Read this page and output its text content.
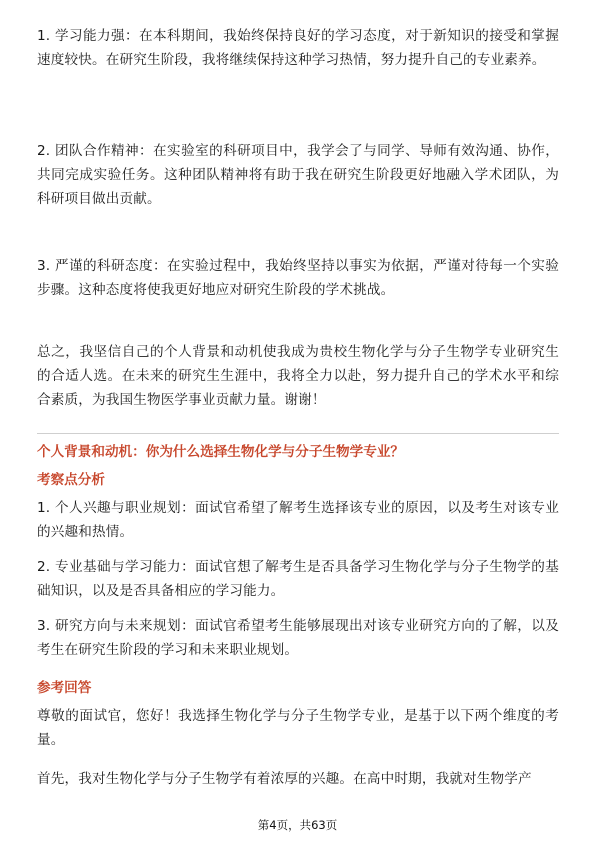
1. 学习能力强：在本科期间，我始终保持良好的学习态度，对于新知识的接受和掌握速度较快。在研究生阶段，我将继续保持这种学习热情，努力提升自己的专业素养。

2. 团队合作精神：在实验室的科研项目中，我学会了与同学、导师有效沟通、协作，共同完成实验任务。这种团队精神将有助于我在研究生阶段更好地融入学术团队，为科研项目做出贡献。

3. 严谨的科研态度：在实验过程中，我始终坚持以事实为依据，严谨对待每一个实验步骤。这种态度将使我更好地应对研究生阶段的学术挑战。

总之，我坚信自己的个人背景和动机使我成为贵校生物化学与分子生物学专业研究生的合适人选。在未来的研究生生涯中，我将全力以赴，努力提升自己的学术水平和综合素质，为我国生物医学事业贡献力量。谢谢！

个人背景和动机：你为什么选择生物化学与分子生物学专业？

考察点分析

1. 个人兴趣与职业规划：面试官希望了解考生选择该专业的原因，以及考生对该专业的兴趣和热情。

2. 专业基础与学习能力：面试官想了解考生是否具备学习生物化学与分子生物学的基础知识，以及是否具备相应的学习能力。

3. 研究方向与未来规划：面试官希望考生能够展现出对该专业研究方向的了解，以及考生在研究生阶段的学习和未来职业规划。

参考回答

尊敬的面试官，您好！我选择生物化学与分子生物学专业，是基于以下两个维度的考量。

首先，我对生物化学与分子生物学有着浓厚的兴趣。在高中时期，我就对生物学产

第4页，共63页
